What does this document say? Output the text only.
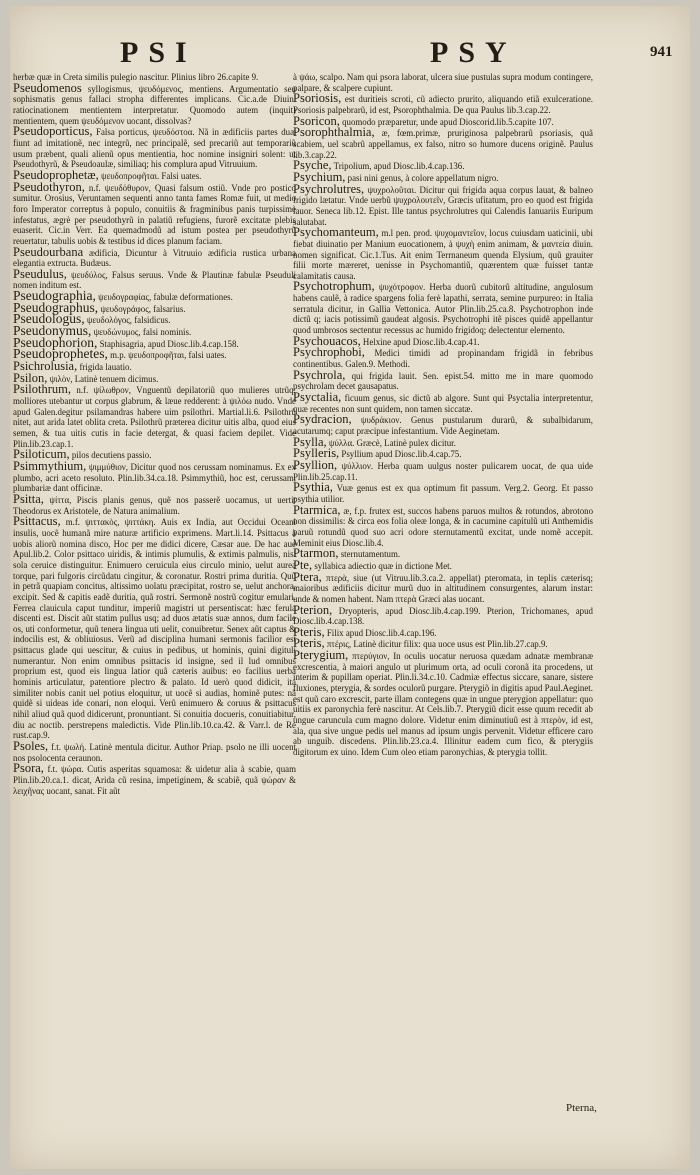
PSI	PSY	941

herbæ quæ in Creta similis pulegio nascitur. Plinius libro 26.capite 9.

Pseudomenos syllogismus, ψευδόμενος, mentiens. Argumentatio seu sophismatis genus fallaci stropha differentes implicans. Cic.a.de Diuin. ratiocinationem mentientem interpretatur. Quomodo autem (inquit) mentientem, quem ψευδόμενον uocant, dissolvas?

Pseudoporticus, Falsa porticus, ψευδόστοα. Nã in ædificiis partes duæ fiunt ad imitationẽ, nec integrũ, nec principalẽ, sed precariũ aut temporariũ usum præbent, quali alienũ opus mentientia, hoc nomine insigniri solent: ut Pseudothyrũ, & Pseudoaulæ, similiaq; his complura apud Vitruuium.

Pseudoprophetæ, ψευδοπροφῆται. Falsi uates.

Pseudothyron, n.f. ψευδόθυρον, Quasi falsum ostiũ. Vnde pro postico sumitur. Orosius, Veruntamen sequenti anno tanta fames Romæ fuit, ut medio foro Imperator correptus à populo, conuitiis & fragminibus panis turpissimè infestatus, ægrè per pseudothyrũ in palatiũ refugiens, furorẽ excitatæ plebis euaserit. Cic.in Verr. Ea quemadmodũ ad istum postea per pseudothyrũ reuertatur, tabulis uobis & testibus id dices planum faciam.

Pseudourbana ædificia, Dicuntur à Vitruuio ædificia rustica urbana elegantia extructa. Budæus.

Pseudulus, ψευδύλος, Falsus seruus. Vnde & Plautinæ fabulæ Pseuduli nomen inditum est.

Pseudographia, ψευδογραφίας, fabulæ deformationes.

Pseudographus, ψευδογράφος, falsarius.

Pseudologus, ψευδολόγος, falsidicus.

Pseudonymus, ψευδώνυμος, falsi nominis.

Pseudophorion, Staphisagria, apud Diosc.lib.4.cap.158.

Pseudoprophetes, m.p. ψευδοπροφῆται, falsi uates.

Psichrolusia, frigida lauatio.

Psilon, ψιλὸν, Latinè tenuem dicimus.

Psilothrum, n.f. ψίλωθρον, Vnguentũ depilatoriũ quo mulieres utrũq; molliores utebantur ut corpus glabrum, & læue redderent: à ψιλόω nudo. Vnde apud Galen.degitur psilamandras habere uim psilothri. Martial.li.6. Psilothrũ nitet, aut arida latet oblita creta. Psilothrũ præterea dicitur uitis alba, quod eius semen, & tua uitis cutis in facie detergat, & quasi faciem depilet. Vide Plin.lib.23.cap.1.

Psiloticum, pilos decutiens passio.

Psimmythium, ψιμμύθιον, Dicitur quod nos cerussam nominamus. Ex ex plumbo, acri aceto resoluto. Plin.lib.34.ca.18. Psimmythiũ, hoc est, cerussam, plumbariæ dant officinæ.

Psitta, ψίττα, Piscis planis genus, quẽ nos passerẽ uocamus, ut uertit Theodorus ex Aristotele, de Natura animalium.

Psittacus, m.f. ψιττακὸς, ψιττάκη. Auis ex India, aut Occidui Oceani insulis, uocẽ humanã mire naturæ artificio exprimens. Mart.li.14. Psittacus à uobis aliorũ nomina disco, Hoc per me didici dicere, Cæsar aue. De hac aue Apul.lib.2. Color psittaco uiridis, & intimis plumulis, & extimis palmulis, nisi sola ceruice distinguitur. Enimuero ceruicula eius circulo minio, uelut aurea torque, pari fulgoris circũdatu cingitur, & coronatur. Rostri prima duritia. Quũ in petrã quapiam concitus, altissimo uolatu præcipitat, rostro se, uelut anchora, excipit. Sed & capitis eadẽ duritia, quã rostri. Sermonẽ nostrũ cogitur emulari. Ferrea clauicula caput tunditur, imperiũ magistri ut persentiscat: hæc ferula discenti est. Discit aũt statim pullus usq; ad duos ætatis suæ annos, dum facile os, uti conformetur, quũ tenera lingua uti uelit, conuibretur. Senex aũt captus & indocilis est, & obliuiosus. Verũ ad disciplina humani sermonis facilior est psittacus glade qui uescitur, & cuius in pedibus, ut hominis, quini digituli numerantur. Non enim omnibus psittacis id insigne, sed il lud omnibus proprium est, quod eis lingua latior quã cæteris auibus: eo facilius uerba hominis articulatur, patentiore plectro & palato. Id uerò quod didicit, ita similiter nobis canit uel potius eloquitur, ut uocẽ si audias, hominẽ putes: nã quidẽ si uideas ide conari, non eloqui. Verũ enimuero & coruus & psittacus nihil aliud quã quod didicerunt, pronuntiant. Si conuitia docueris, conuitiabitur, diu ac noctib. perstrepens maledictis. Vide Plin.lib.10.ca.42. & Varr.l. de Re rust.cap.9.

Psoles, f.t. ψωλή. Latinè mentula dicitur. Author Priap. psolo ne illi uocent nos psolocenta ceraunon.

Psora, f.t. ψώρα. Cutis asperitas squamosa: & uidetur alia à scabie, quam Plin.lib.20.ca.1. dicat, Arida cũ resina, impetiginem, & scabiẽ, quã ψώραν & λειχῆνας uocant, sanat. Fit aũt

à ψάω, scalpo. Nam qui psora laborat, ulcera siue pustulas supra modum contingere, palpare, & scalpere cupiunt.

Psoriosis, est duritieis scroti, cũ adiecto prurito, aliquando etiã exulceratione. Psoriosis palpebrarũ, id est, Psorophthalmia. De qua Paulus lib.3.cap.22.

Psoricon, quomodo præparetur, unde apud Dioscorid.lib.5.capite 107.

Psorophthalmia, æ, fœm.primæ, pruriginosa palpebrarũ psoriasis, quã scabiem, uel scabrũ appellamus, ex falso, nitro so humore ducens originẽ. Paulus lib.3.cap.22.

Psyche, Tripolium, apud Diosc.lib.4.cap.136.

Psychium, pasi nini genus, à colore appellatum nigro.

Psychrolutres, ψυχρολοῦται. Dicitur qui frigida aqua corpus lauat, & balneo frigido lætatur. Vnde uerbũ ψυχρολουτεῖν, Græcis ufitatum, pro eo quod est frigida lauor. Seneca lib.12. Epist. Ille tantus psychrolutres qui Calendis Ianuariis Euripum salutabat.

Psychomanteum, m.l pen. prod. ψυχομαντεῖον, locus cuiusdam uaticinii, ubi fiebat diuinatio per Manium euocationem, à ψυχὴ enim animam, & μαντεία diuin. nomen significat. Cic.1.Tus. Ait enim Terrnaneum quenda Elysium, quũ grauiter filii morte mæreret, uenisse in Psychomantiũ, quærentem quæ fuisset tantæ calamitatis causa.

Psychotrophum, ψυχότροφον. Herba duorũ cubitorũ altitudine, angulosum habens caulẽ, à radice spargens folia ferè lapathi, serrata, semine purpureo: in Italia serratula dicitur, in Gallia Vettonica. Autor Plin.lib.25.ca.8. Psychotrophon inde dictũ q; iacis potissimũ gaudeat algosis. Psychotrophi itẽ pisces quidẽ appellantur quod umbrosos sectentur recessus ac humido frigidoq; delectentur elemento.

Psychouacos, Helxine apud Diosc.lib.4.cap.41.

Psychrophobi, Medici timidi ad propinandam frigidã in febribus continentibus. Galen.9. Methodi.

Psychrola, qui frigida lauit. Sen. epist.54. mitto me in mare quomodo psychrolam decet gausapatus.

Psyctalia, ficuum genus, sic dictũ ab algore. Sunt qui Psyctalia interpretentur, quæ recentes non sunt quidem, non tamen siccatæ.

Psydracion, ψυδράκιον. Genus pustularum durarũ, & subalbidarum, acutarumq; caput præcipue infestantium. Vide Aeginetam.

Psylla, ψύλλα. Græcè, Latinè pulex dicitur.

Psylleris, Psyllium apud Diosc.lib.4.cap.75.

Psyllion, ψύλλιον. Herba quam uulgus noster pulicarem uocat, de qua uide Plin.lib.25.cap.11.

Psythia, Vuæ genus est ex qua optimum fit passum. Verg.2. Georg. Et passo psythia utilior.

Ptarmica, æ, f.p. frutex est, succos habens paruos multos & rotundos, abrotono non dissimilis: & circa eos folia oleæ longa, & in cacumine capitulũ uti Anthemidis paruũ rotundũ quod suo acri odore sternutamentũ excitat, unde nomẽ accepit. Meminit eius Diosc.lib.4.

Ptarmon, sternutamentum.

Pte, syllabica adiectio quæ in dictione Met.

Ptera, πτερὰ, siue (ut Vitruu.lib.3.ca.2. appellat) pteromata, in teplis cæterisq; maioribus ædificiis dicitur murũ duo in altitudinem consurgentes, alarum instar: unde & nomen habent. Nam πτερὰ Græci alas uocant.

Pterion, Dryopteris, apud Diosc.lib.4.cap.199. Pterion, Trichomanes, apud Diosc.lib.4.cap.138.

Pteris, Filix apud Diosc.lib.4.cap.196.

Pteris, πτέρις, Latinè dicitur filix: qua uoce usus est Plin.lib.27.cap.9.

Pterygium, πτερύγιον, In oculis uocatur neruosa quædam adnatæ membranæ excrescentia, à maiori angulo ut plurimum orta, ad oculi coronã ita procedens, ut interim & pupillam operiat. Plin.li.34.c.10. Cadmiæ effectus siccare, sanare, sistere fluxiones, pterygia, & sordes oculorũ purgare. Pterygiõ in digitis apud Paul.Aeginet. est quũ caro excrescit, parte illam contegens quæ in ungue pterygion appellatur: quo uitiis ex paronychia ferè nascitur. At Cels.lib.7. Pterygiũ dicit esse quum recedit ab ungue caruncula cum magno dolore. Videtur enim diminutiuũ est à πτερὸν, id est, ala, qua sive ungue pedis uel manus ad ipsum ungis pervenit. Videtur efficere caro ab unguib. discedens. Plin.lib.23.ca.4. Illinitur eadem cum fico, & pterygiis digitorum ex uino. Idem Cum oleo etiam paronychias, & pterygia tollit.

Pterna,
